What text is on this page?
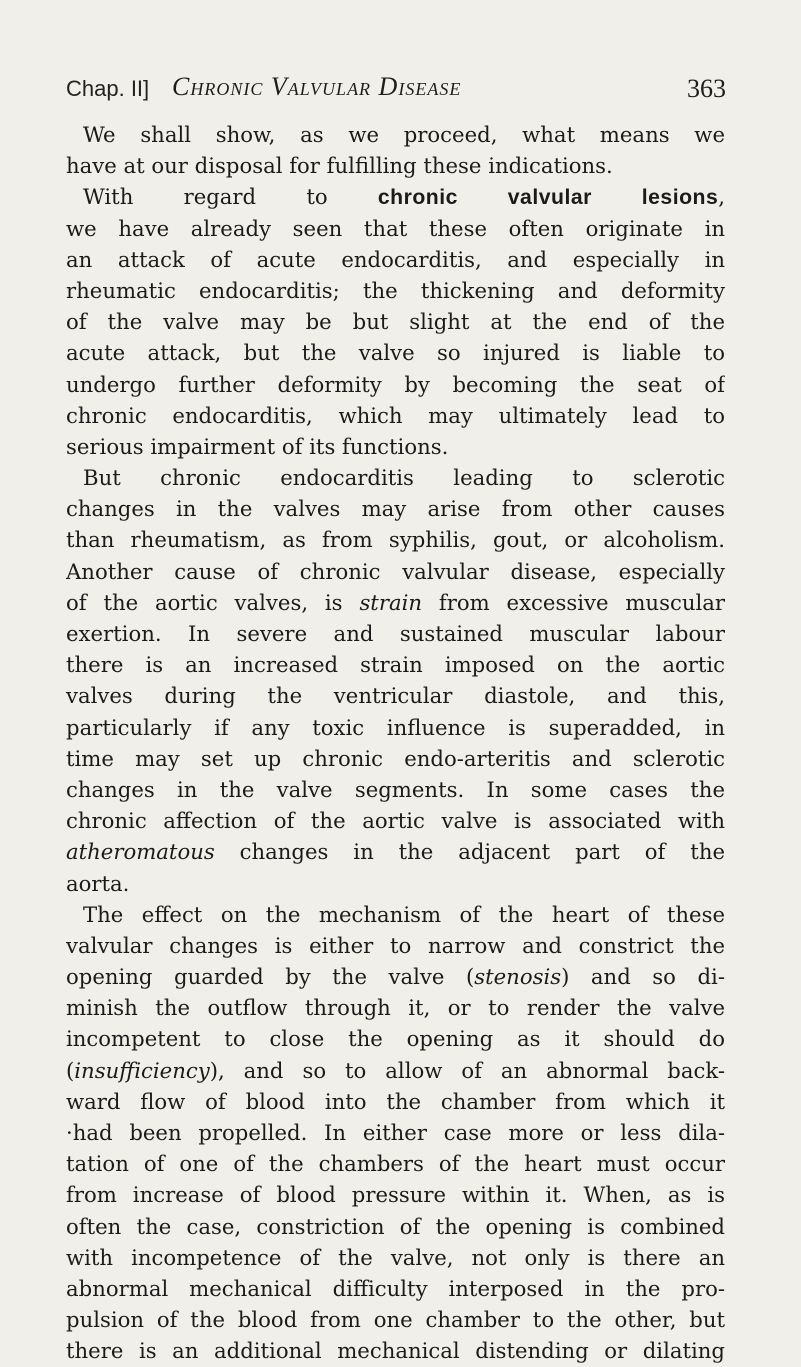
Chap. II] Chronic Valvular Disease	363
We shall show, as we proceed, what means we
have at our disposal for fulfilling these indications.
With regard to chronic valvular lesions,
we have already seen that these often originate in
an attack of acute endocarditis, and especially in
rheumatic endocarditis; the thickening and deformity
of the valve may be but slight at the end of the
acute attack, but the valve so injured is liable to
undergo further deformity by becoming the seat of
chronic endocarditis, which may ultimately lead to
serious impairment of its functions.
But chronic endocarditis leading to sclerotic
changes in the valves may arise from other causes
than rheumatism, as from syphilis, gout, or alcoholism.
Another cause of chronic valvular disease, especially
of the aortic valves, is strain from excessive muscular
exertion. In severe and sustained muscular labour
there is an increased strain imposed on the aortic
valves during the ventricular diastole, and this,
particularly if any toxic influence is superadded, in
time may set up chronic endo-arteritis and sclerotic
changes in the valve segments. In some cases the
chronic affection of the aortic valve is associated with
atheromatous changes in the adjacent part of the
aorta.
The effect on the mechanism of the heart of these
valvular changes is either to narrow and constrict the
opening guarded by the valve (stenosis) and so di-
minish the outflow through it, or to render the valve
incompetent to close the opening as it should do
(insufficiency), and so to allow of an abnormal back-
ward flow of blood into the chamber from which it
·had been propelled. In either case more or less dila-
tation of one of the chambers of the heart must occur
from increase of blood pressure within it. When, as is
often the case, constriction of the opening is combined
with incompetence of the valve, not only is there an
abnormal mechanical difficulty interposed in the pro-
pulsion of the blood from one chamber to the other, but
there is an additional mechanical distending or dilating
